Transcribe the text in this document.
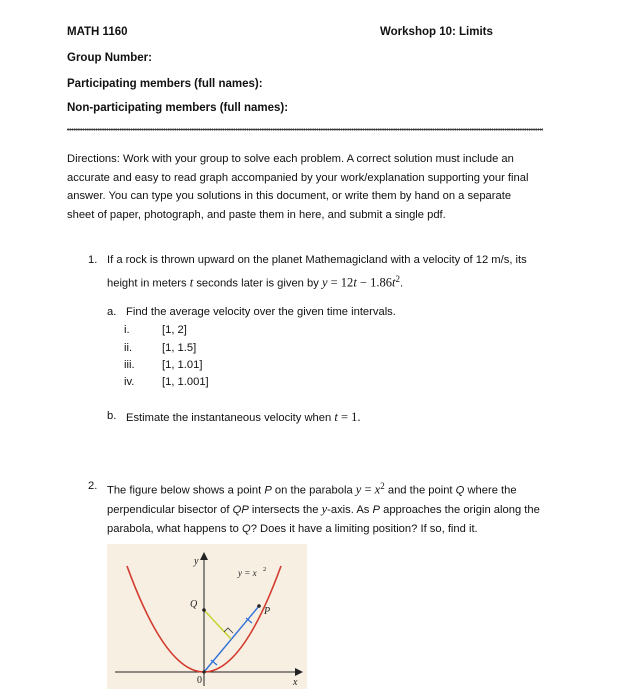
MATH 1160	Workshop 10: Limits
Group Number:
Participating members (full names):
Non-participating members (full names):
Directions: Work with your group to solve each problem. A correct solution must include an
accurate and easy to read graph accompanied by your work/explanation supporting your final
answer. You can type you solutions in this document, or write them by hand on a separate
sheet of paper, photograph, and paste them in here, and submit a single pdf.
1. If a rock is thrown upward on the planet Mathemagicland with a velocity of 12 m/s, its
height in meters t seconds later is given by $y = 12t - 1.86t^2$.
a. Find the average velocity over the given time intervals.
i.	[1, 2]
ii.	[1, 1.5]
iii. [1, 1.01]
iv. [1, 1.001]
b. Estimate the instantaneous velocity when t = 1.
2. The figure below shows a point P on the parabola $y = x^2$ and the point Q where the
perpendicular bisector of QP intersects the y-axis. As P approaches the origin along the
parabola, what happens to Q? Does it have a limiting position? If so, find it.
y
x
0
Q
P
y = x 2
